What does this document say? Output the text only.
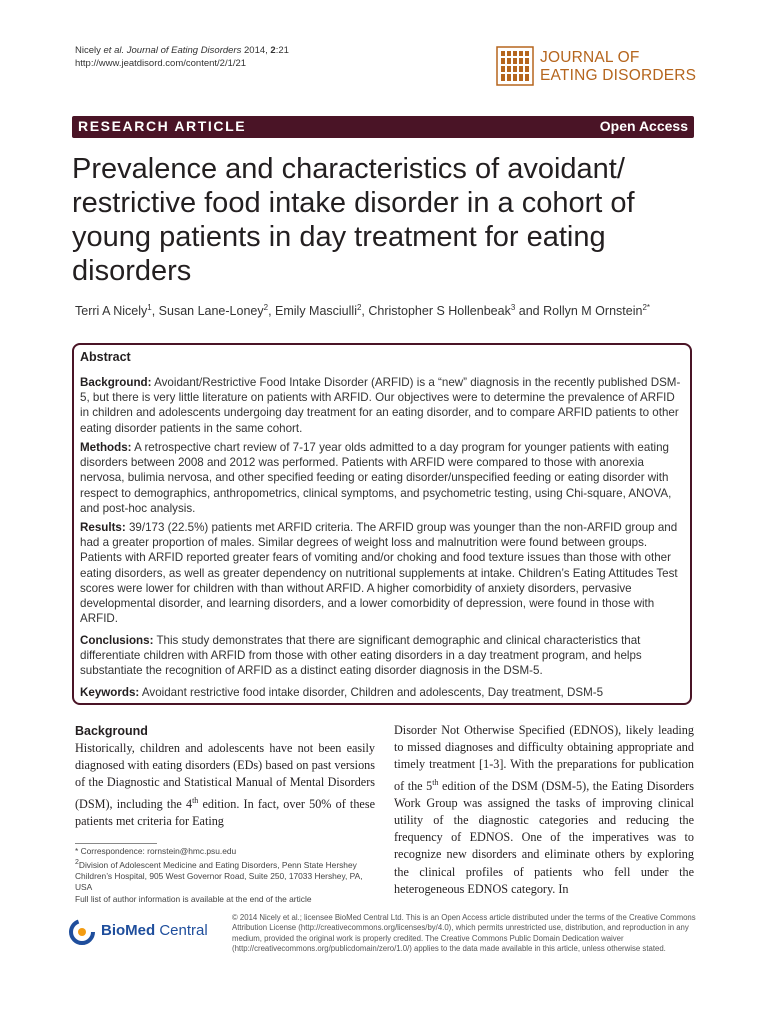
Nicely et al. Journal of Eating Disorders 2014, 2:21
http://www.jeatdisord.com/content/2/1/21	JOURNAL OF
EATING DISORDERS
RESEARCH ARTICLE	Open Access
Prevalence and characteristics of avoidant/ restrictive food intake disorder in a cohort of young patients in day treatment for eating disorders
Terri A Nicely$^1$, Susan Lane-Loney$^2$, Emily Masciulli$^2$, Christopher S Hollenbeak$^3$ and Rollyn M Ornstein$^{2*}$
Abstract
Background: Avoidant/Restrictive Food Intake Disorder (ARFID) is a “new” diagnosis in the recently published DSM-5, but there is very little literature on patients with ARFID. Our objectives were to determine the prevalence of ARFID in children and adolescents undergoing day treatment for an eating disorder, and to compare ARFID patients to other eating disorder patients in the same cohort.
Methods: A retrospective chart review of 7-17 year olds admitted to a day program for younger patients with eating disorders between 2008 and 2012 was performed. Patients with ARFID were compared to those with anorexia nervosa, bulimia nervosa, and other specified feeding or eating disorder/unspecified feeding or eating disorder with respect to demographics, anthropometrics, clinical symptoms, and psychometric testing, using Chi-square, ANOVA, and post-hoc analysis.
Results: 39/173 (22.5%) patients met ARFID criteria. The ARFID group was younger than the non-ARFID group and had a greater proportion of males. Similar degrees of weight loss and malnutrition were found between groups. Patients with ARFID reported greater fears of vomiting and/or choking and food texture issues than those with other eating disorders, as well as greater dependency on nutritional supplements at intake. Children’s Eating Attitudes Test scores were lower for children with than without ARFID. A higher comorbidity of anxiety disorders, pervasive developmental disorder, and learning disorders, and a lower comorbidity of depression, were found in those with ARFID.
Conclusions: This study demonstrates that there are significant demographic and clinical characteristics that differentiate children with ARFID from those with other eating disorders in a day treatment program, and helps substantiate the recognition of ARFID as a distinct eating disorder diagnosis in the DSM-5.
Keywords: Avoidant restrictive food intake disorder, Children and adolescents, Day treatment, DSM-5
Background
Historically, children and adolescents have not been easily diagnosed with eating disorders (EDs) based on past versions of the Diagnostic and Statistical Manual of Mental Disorders (DSM), including the 4th edition. In fact, over 50% of these patients met criteria for Eating
Disorder Not Otherwise Specified (EDNOS), likely leading to missed diagnoses and difficulty obtaining appropriate and timely treatment [1-3]. With the preparations for publication of the 5th edition of the DSM (DSM-5), the Eating Disorders Work Group was assigned the tasks of improving clinical utility of the diagnostic categories and reducing the frequency of EDNOS. One of the imperatives was to recognize new disorders and eliminate others by exploring the clinical profiles of patients who fell under the heterogeneous EDNOS category. In
* Correspondence: rornstein@hmc.psu.edu
$^2$Division of Adolescent Medicine and Eating Disorders, Penn State Hershey Children’s Hospital, 905 West Governor Road, Suite 250, 17033 Hershey, PA, USA
Full list of author information is available at the end of the article
BioMed Central
© 2014 Nicely et al.; licensee BioMed Central Ltd. This is an Open Access article distributed under the terms of the Creative Commons Attribution License (http://creativecommons.org/licenses/by/4.0), which permits unrestricted use, distribution, and reproduction in any medium, provided the original work is properly credited. The Creative Commons Public Domain Dedication waiver (http://creativecommons.org/publicdomain/zero/1.0/) applies to the data made available in this article, unless otherwise stated.
